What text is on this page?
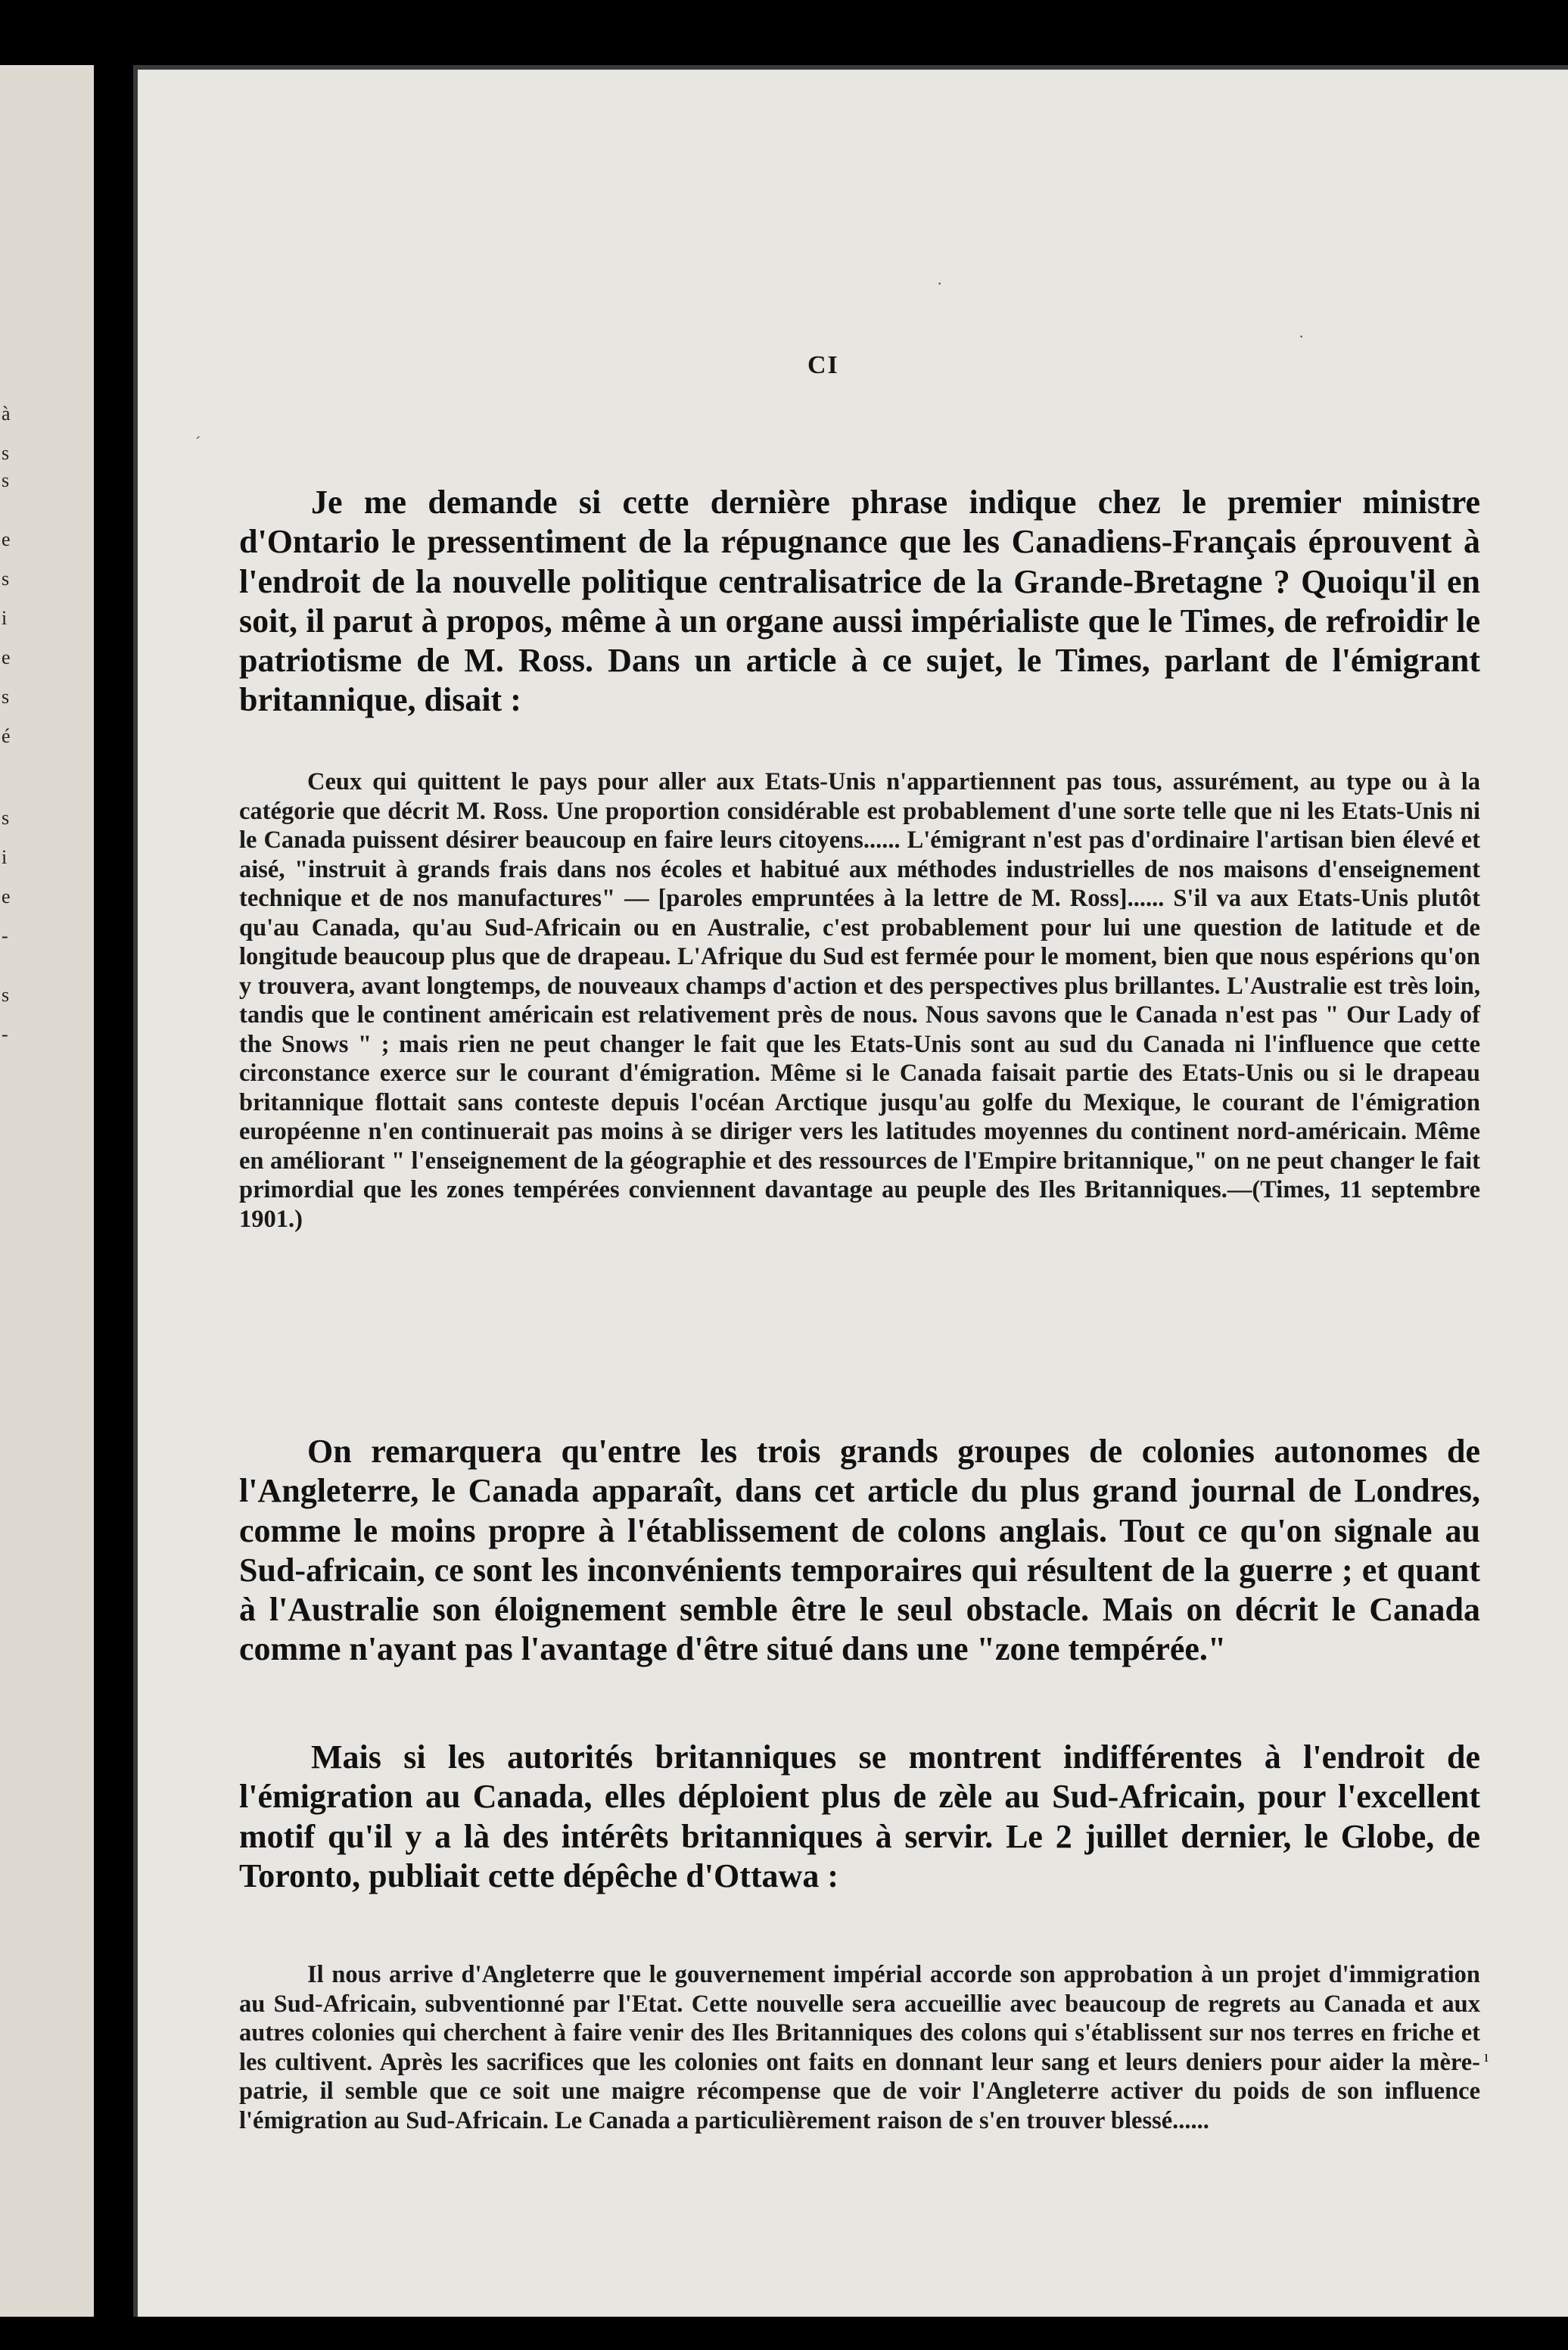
à
s
s
e
s
i
e
s
é
s
i
e
-
s
-
·
·
´
ı
CI

Je me demande si cette dernière phrase indique chez le premier ministre d'Ontario le pressentiment de la répugnance que les Canadiens-Français éprouvent à l'endroit de la nouvelle politique centralisatrice de la Grande-Bretagne ? Quoiqu'il en soit, il parut à propos, même à un organe aussi impérialiste que le Times, de refroidir le patriotisme de M. Ross. Dans un article à ce sujet, le Times, parlant de l'émigrant britannique, disait :

Ceux qui quittent le pays pour aller aux Etats-Unis n'appartiennent pas tous, assurément, au type ou à la catégorie que décrit M. Ross. Une proportion considérable est probablement d'une sorte telle que ni les Etats-Unis ni le Canada puissent désirer beaucoup en faire leurs citoyens...... L'émigrant n'est pas d'ordinaire l'artisan bien élevé et aisé, "instruit à grands frais dans nos écoles et habitué aux méthodes industrielles de nos maisons d'enseignement technique et de nos manufactures" — [paroles empruntées à la lettre de M. Ross]...... S'il va aux Etats-Unis plutôt qu'au Canada, qu'au Sud-Africain ou en Australie, c'est probablement pour lui une question de latitude et de longitude beaucoup plus que de drapeau. L'Afrique du Sud est fermée pour le moment, bien que nous espérions qu'on y trouvera, avant longtemps, de nouveaux champs d'action et des perspectives plus brillantes. L'Australie est très loin, tandis que le continent américain est relativement près de nous. Nous savons que le Canada n'est pas " Our Lady of the Snows " ; mais rien ne peut changer le fait que les Etats-Unis sont au sud du Canada ni l'influence que cette circonstance exerce sur le courant d'émigration. Même si le Canada faisait partie des Etats-Unis ou si le drapeau britannique flottait sans conteste depuis l'océan Arctique jusqu'au golfe du Mexique, le courant de l'émigration européenne n'en continuerait pas moins à se diriger vers les latitudes moyennes du continent nord-américain. Même en améliorant " l'enseignement de la géographie et des ressources de l'Empire britannique," on ne peut changer le fait primordial que les zones tempérées conviennent davantage au peuple des Iles Britanniques.—(Times, 11 septembre 1901.)

On remarquera qu'entre les trois grands groupes de colonies autonomes de l'Angleterre, le Canada apparaît, dans cet article du plus grand journal de Londres, comme le moins propre à l'établissement de colons anglais. Tout ce qu'on signale au Sud-africain, ce sont les inconvénients temporaires qui résultent de la guerre ; et quant à l'Australie son éloignement semble être le seul obstacle. Mais on décrit le Canada comme n'ayant pas l'avantage d'être situé dans une "zone tempérée."

Mais si les autorités britanniques se montrent indifférentes à l'endroit de l'émigration au Canada, elles déploient plus de zèle au Sud-Africain, pour l'excellent motif qu'il y a là des intérêts britanniques à servir. Le 2 juillet dernier, le Globe, de Toronto, publiait cette dépêche d'Ottawa :

Il nous arrive d'Angleterre que le gouvernement impérial accorde son approbation à un projet d'immigration au Sud-Africain, subventionné par l'Etat. Cette nouvelle sera accueillie avec beaucoup de regrets au Canada et aux autres colonies qui cherchent à faire venir des Iles Britanniques des colons qui s'établissent sur nos terres en friche et les cultivent. Après les sacrifices que les colonies ont faits en donnant leur sang et leurs deniers pour aider la mère-patrie, il semble que ce soit une maigre récompense que de voir l'Angleterre activer du poids de son influence l'émigration au Sud-Africain. Le Canada a particulièrement raison de s'en trouver blessé......
